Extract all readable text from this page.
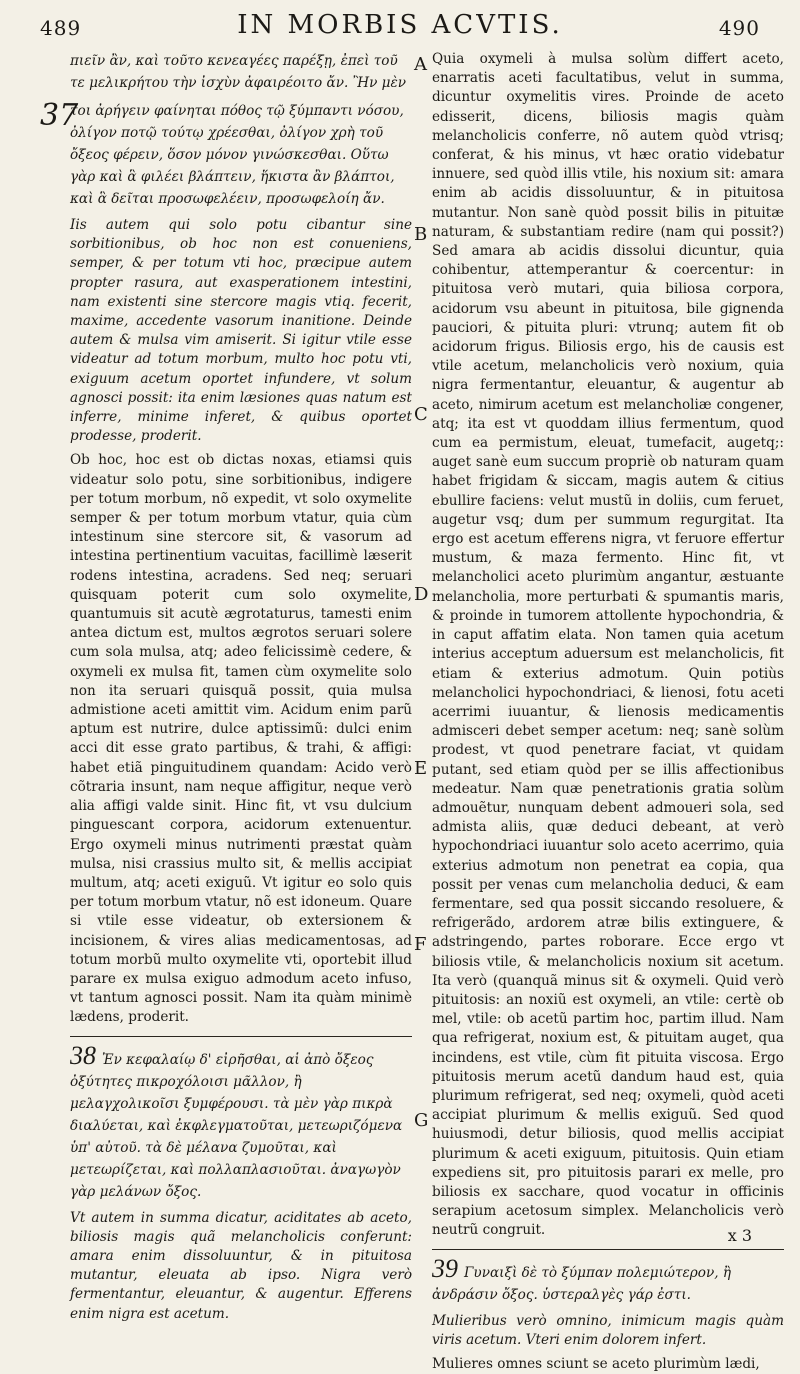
489	IN MORBIS ACVTIS.	490
37

πιεῖν ἂν, καὶ τοῦτο κενεαγέες παρέξῃ, ἐπεὶ τοῦ τε μελικρήτου τὴν ἰσχὺν ἀφαιρέοιτο ἄν. Ἢν μὲν

τοι ἀρήγειν φαίνηται πόθος τῷ ξύμπαντι νόσου, ὀλίγον ποτῷ τούτῳ χρέεσθαι, ὀλίγον χρὴ τοῦ ὄξεος φέρειν, ὅσον μόνον γινώσκεσθαι. Οὕτω γὰρ καὶ ἃ φιλέει βλάπτειν, ἥκιστα ἂν βλάπτοι, καὶ ἃ δεῖται προσωφελέειν, προσωφελοίη ἄν.

Iis autem qui solo potu cibantur sine sorbitionibus, ob hoc non est conueniens, semper, & per totum vti hoc, præcipue autem propter rasura, aut exasperationem intestini, nam existenti sine stercore magis vtiq. fecerit, maxime, accedente vasorum inanitione. Deinde autem & mulsa vim amiserit. Si igitur vtile esse videatur ad totum morbum, multo hoc potu vti, exiguum acetum oportet infundere, vt solum agnosci possit: ita enim læsiones quas natum est inferre, minime inferet, & quibus oportet prodesse, proderit.

Ob hoc, hoc est ob dictas noxas, etiamsi quis videatur solo potu, sine sorbitionibus, indigere per totum morbum, nõ expedit, vt solo oxymelite semper & per totum morbum vtatur, quia cùm intestinum sine stercore sit, & vasorum ad intestina pertinentium vacuitas, facillimè læserit rodens intestina, acradens. Sed neq; seruari quisquam poterit cum solo oxymelite, quantumuis sit acutè ægrotaturus, tamesti enim antea dictum est, multos ægrotos seruari solere cum sola mulsa, atq; adeo felicissimè cedere, & oxymeli ex mulsa fit, tamen cùm oxymelite solo non ita seruari quisquã possit, quia mulsa admistione aceti amittit vim. Acidum enim parũ aptum est nutrire, dulce aptissimũ: dulci enim acci dit esse grato partibus, & trahi, & affigi: habet etiã pinguitudinem quandam: Acido verò cõtraria insunt, nam neque affigitur, neque verò alia affigi valde sinit. Hinc fit, vt vsu dulcium pinguescant corpora, acidorum extenuentur. Ergo oxymeli minus nutrimenti præstat quàm mulsa, nisi crassius multo sit, & mellis accipiat multum, atq; aceti exiguũ. Vt igitur eo solo quis per totum morbum vtatur, nõ est idoneum. Quare si vtile esse videatur, ob extersionem & incisionem, & vires alias medicamentosas, ad totum morbũ multo oxymelite vti, oportebit illud parare ex mulsa exiguo admodum aceto infuso, vt tantum agnosci possit. Nam ita quàm minimè lædens, proderit.

38 Ἐν κεφαλαίῳ δ' εἰρῆσθαι, αἱ ἀπὸ ὄξεος ὀξύτητες πικροχόλοισι μᾶλλον, ἢ μελαγχολικοῖσι ξυμφέρουσι. τὰ μὲν γὰρ πικρὰ διαλύεται, καὶ ἐκφλεγματοῦται, μετεωριζόμενα ὑπ' αὐτοῦ. τὰ δὲ μέλανα ζυμοῦται, καὶ μετεωρίζεται, καὶ πολλαπλασιοῦται. ἀναγωγὸν γὰρ μελάνων ὄξος.

Vt autem in summa dicatur, aciditates ab aceto, biliosis magis quã melancholicis conferunt: amara enim dissoluuntur, & in pituitosa mutantur, eleuata ab ipso. Nigra verò fermentantur, eleuantur, & augentur. Efferens enim nigra est acetum.

Quia oxymeli à mulsa solùm differt aceto, enarratis aceti facultatibus, velut in summa, dicuntur oxymelitis vires. Proinde de aceto edisserit, dicens, biliosis magis quàm melancholicis conferre, nõ autem quòd vtrisq; conferat, & his minus, vt hæc oratio videbatur innuere, sed quòd illis vtile, his noxium sit: amara enim ab acidis dissoluuntur, & in pituitosa mutantur. Non sanè quòd possit bilis in pituitæ naturam, & substantiam redire (nam qui possit?) Sed amara ab acidis dissolui dicuntur, quia cohibentur, attemperantur & coercentur: in pituitosa verò mutari, quia biliosa corpora, acidorum vsu abeunt in pituitosa, bile gignenda pauciori, & pituita pluri: vtrunq; autem fit ob acidorum frigus. Biliosis ergo, his de causis est vtile acetum, melancholicis verò noxium, quia nigra fermentantur, eleuantur, & augentur ab aceto, nimirum acetum est melancholiæ congener, atq; ita est vt quoddam illius fermentum, quod cum ea permistum, eleuat, tumefacit, augetq;: auget sanè eum succum propriè ob naturam quam habet frigidam & siccam, magis autem & citius ebullire faciens: velut mustũ in doliis, cum feruet, augetur vsq; dum per summum regurgitat. Ita ergo est acetum efferens nigra, vt feruore effertur mustum, & maza fermento. Hinc fit, vt melancholici aceto plurimùm angantur, æstuante melancholia, more perturbati & spumantis maris, & proinde in tumorem attollente hypochondria, & in caput affatim elata. Non tamen quia acetum interius acceptum aduersum est melancholicis, fit etiam & exterius admotum. Quin potiùs melancholici hypochondriaci, & lienosi, fotu aceti acerrimi iuuantur, & lienosis medicamentis admisceri debet semper acetum: neq; sanè solùm prodest, vt quod penetrare faciat, vt quidam putant, sed etiam quòd per se illis affectionibus medeatur. Nam quæ penetrationis gratia solùm admouẽtur, nunquam debent admoueri sola, sed admista aliis, quæ deduci debeant, at verò hypochondriaci iuuantur solo aceto acerrimo, quia exterius admotum non penetrat ea copia, qua possit per venas cum melancholia deduci, & eam fermentare, sed qua possit siccando resoluere, & refrigerãdo, ardorem atræ bilis extinguere, & adstringendo, partes roborare. Ecce ergo vt biliosis vtile, & melancholicis noxium sit acetum. Ita verò (quanquã minus sit & oxymeli. Quid verò pituitosis: an noxiũ est oxymeli, an vtile: certè ob mel, vtile: ob acetũ partim hoc, partim illud. Nam qua refrigerat, noxium est, & pituitam auget, qua incindens, est vtile, cùm fit pituita viscosa. Ergo pituitosis merum acetũ dandum haud est, quia plurimum refrigerat, sed neq; oxymeli, quòd aceti accipiat plurimum & mellis exiguũ. Sed quod huiusmodi, detur biliosis, quod mellis accipiat plurimum & aceti exiguum, pituitosis. Quin etiam expediens sit, pro pituitosis parari ex melle, pro biliosis ex sacchare, quod vocatur in officinis serapium acetosum simplex. Melancholicis verò neutrũ congruit.

39 Γυναιξὶ δὲ τὸ ξύμπαν πολεμιώτερον, ἢ ἀνδράσιν ὄξος. ὑστεραλγὲς γάρ ἐστι.

Mulieribus verò omnino, inimicum magis quàm viris acetum. Vteri enim dolorem infert.

Mulieres omnes sciunt se aceto plurimùm lædi,

A
B
C
D
E
F
G
x 3
